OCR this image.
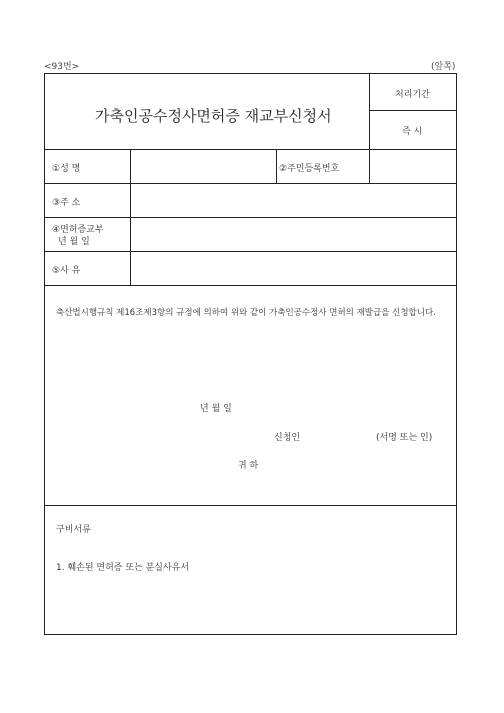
<93번>	(앞쪽)
가축인공수정사면허증 재교부신청서
처리기간
즉 시
①성 명	②주민등록번호
③주 소
④면허증교부
년 월 일
⑤사 유
축산법시행규칙 제16조제3항의 규정에 의하여 위와 같이 가축인공수정사 면허의 재발급을 신청합니다.
년 월 일
신청인	(서명 또는 인)
귀 하
구비서류
1. 훼손된 면허증 또는 분실사유서
